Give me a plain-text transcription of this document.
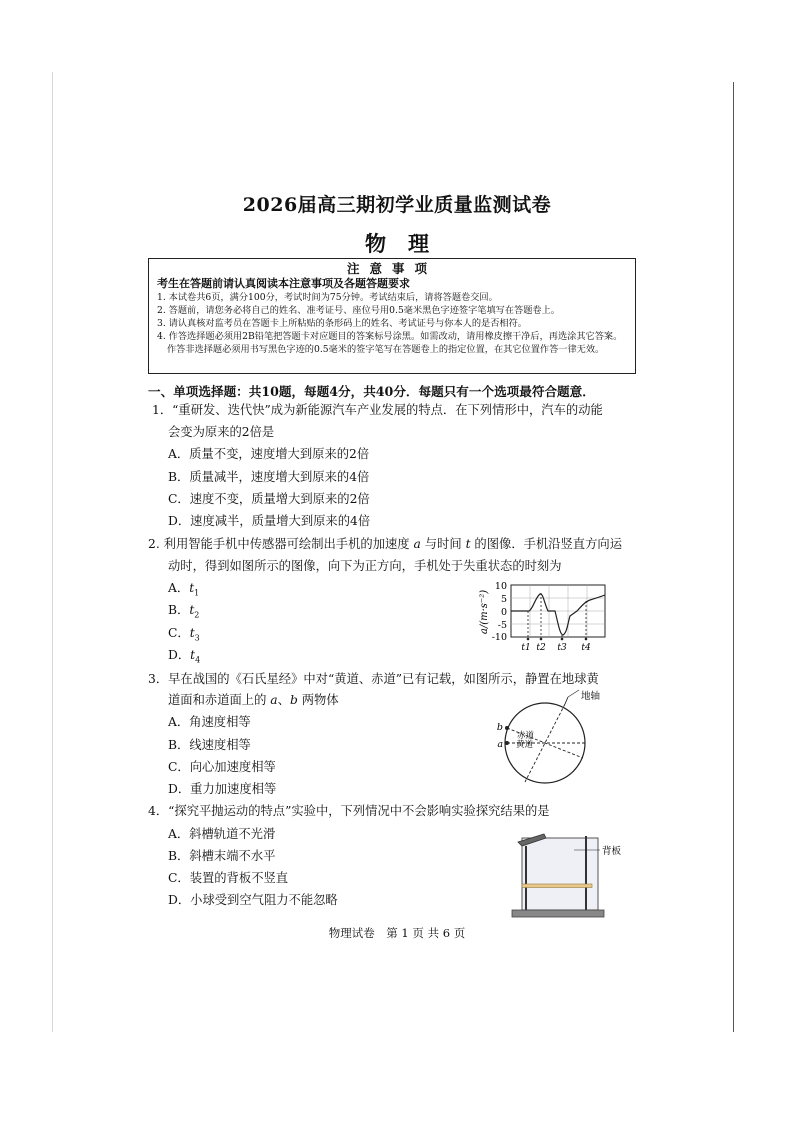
2026届高三期初学业质量监测试卷
物理
注意事项
考生在答题前请认真阅读本注意事项及各题答题要求
1. 本试卷共6页，满分100分，考试时间为75分钟。考试结束后，请将答题卷交回。
2. 答题前，请您务必将自己的姓名、准考证号、座位号用0.5毫米黑色字迹签字笔填写在答题卷上。
3. 请认真核对监考员在答题卡上所粘贴的条形码上的姓名、考试证号与你本人的是否相符。
4. 作答选择题必须用2B铅笔把答题卡对应题目的答案标号涂黑。如需改动，请用橡皮擦干净后，再选涂其它答案。作答非选择题必须用书写黑色字迹的0.5毫米的签字笔写在答题卷上的指定位置，在其它位置作答一律无效。
一、单项选择题：共10题，每题4分，共40分．每题只有一个选项最符合题意．
1．“重研发、迭代快”成为新能源汽车产业发展的特点．在下列情形中，汽车的动能
会变为原来的2倍是
A．质量不变，速度增大到原来的2倍
B．质量减半，速度增大到原来的4倍
C．速度不变，质量增大到原来的2倍
D．速度减半，质量增大到原来的4倍
2. 利用智能手机中传感器可绘制出手机的加速度 a 与时间 t 的图像．手机沿竖直方向运
动时，得到如图所示的图像，向下为正方向，手机处于失重状态的时刻为
A．$t_1$
B．$t_2$
C．$t_3$
D．$t_4$
a/(m·s⁻²)
10
5
0
-5
-10
t1 t2 t3 t4
3．早在战国的《石氏星经》中对“黄道、赤道”已有记载，如图所示，静置在地球黄
道面和赤道面上的 a、b 两物体
A．角速度相等
B．线速度相等
C．向心加速度相等
D．重力加速度相等
地轴
赤道
黄道
b
a
4．“探究平抛运动的特点”实验中，下列情况中不会影响实验探究结果的是
A．斜槽轨道不光滑
B．斜槽末端不水平
C．装置的背板不竖直
D．小球受到空气阻力不能忽略
背板
物理试卷　第 1 页 共 6 页
